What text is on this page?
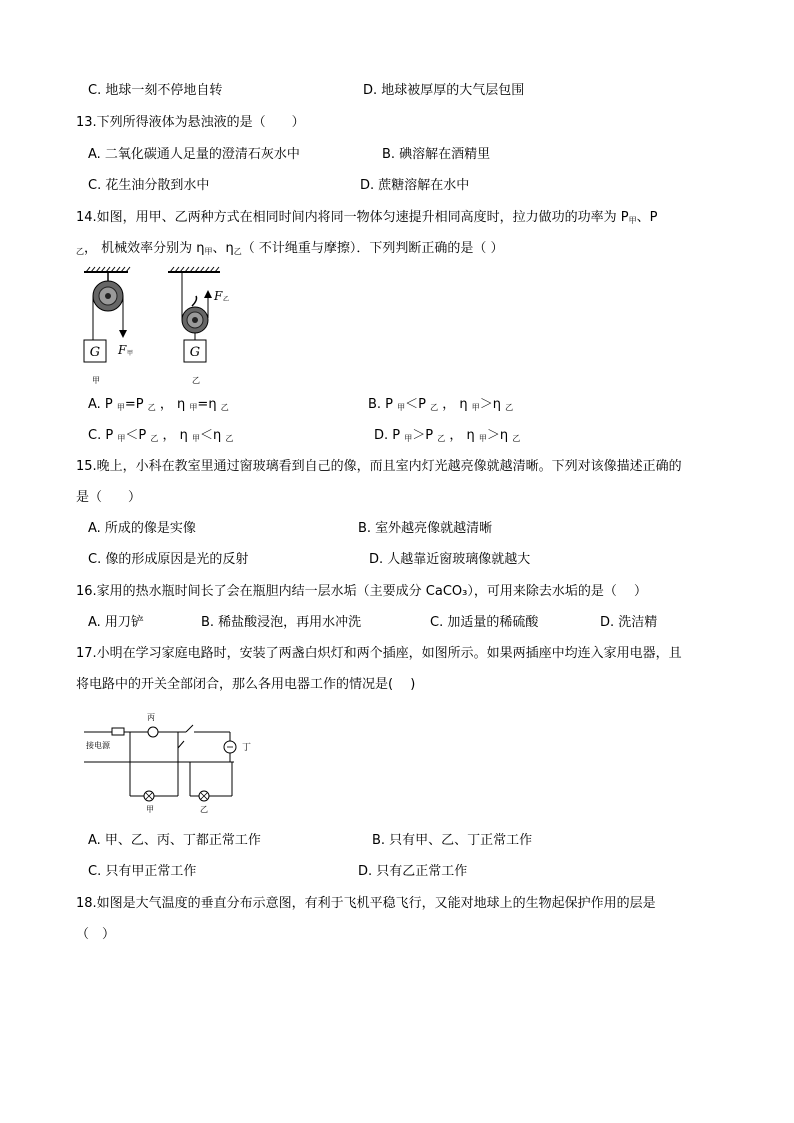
C. 地球一刻不停地自转	D. 地球被厚厚的大气层包围
13.下列所得液体为悬浊液的是（　　）
A. 二氧化碳通人足量的澄清石灰水中	B. 碘溶解在酒精里
C. 花生油分散到水中	D. 蔗糖溶解在水中
14.如图，用甲、乙两种方式在相同时间内将同一物体匀速提升相同高度时，拉力做功的功率为 P甲、P
乙， 机械效率分别为 η甲、η乙（ 不计绳重与摩擦）．下列判断正确的是（ ）
G F 甲
甲
G
F 乙
乙
A. P 甲=P 乙 ， η 甲=η 乙	B. P 甲＜P 乙 ， η 甲＞η 乙
C. P 甲＜P 乙 ， η 甲＜η 乙	D. P 甲＞P 乙 ， η 甲＞η 乙
15.晚上，小科在教室里通过窗玻璃看到自己的像，而且室内灯光越亮像就越清晰。下列对该像描述正确的
是（　　）
A. 所成的像是实像	B. 室外越亮像就越清晰
C. 像的形成原因是光的反射	D. 人越靠近窗玻璃像就越大
16.家用的热水瓶时间长了会在瓶胆内结一层水垢（主要成分 CaCO₃），可用来除去水垢的是（　 ）
A. 用刀铲	B. 稀盐酸浸泡，再用水冲洗	C. 加适量的稀硫酸	D. 洗洁精
17.小明在学习家庭电路时，安装了两盏白炽灯和两个插座，如图所示。如果两插座中均连入家用电器，且
将电路中的开关全部闭合，那么各用电器工作的情况是(　 )
接电源
丙
丁
甲	乙
A. 甲、乙、丙、丁都正常工作	B. 只有甲、乙、丁正常工作
C. 只有甲正常工作	D. 只有乙正常工作
18.如图是大气温度的垂直分布示意图，有利于飞机平稳飞行，又能对地球上的生物起保护作用的层是
（　）
